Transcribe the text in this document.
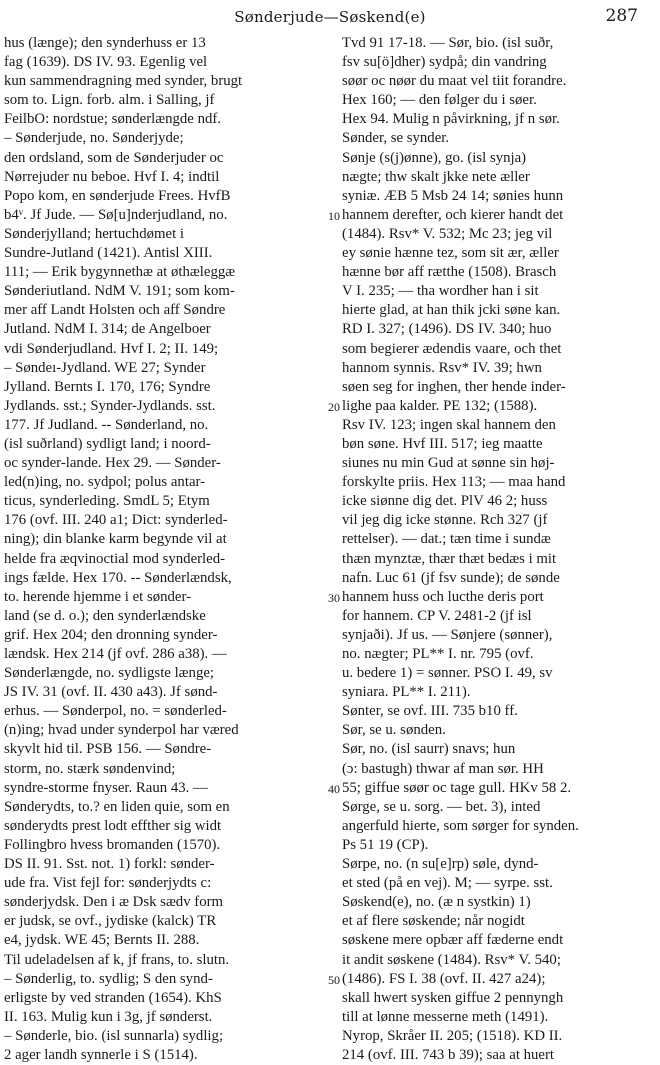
Sønderjude—Søskend(e)	287
hus (længe); den synderhuss er 13
fag (1639). DS IV. 93. Egenlig vel
kun sammendragning med synder, brugt
som to. Lign. forb. alm. i Salling, jf
FeilbO: nordstue; sønderlængde ndf.
– Sønderjude, no. Sønderjyde;
den ordsland, som de Sønderjuder oc
Nørrejuder nu beboe. Hvf I. 4; indtil
Popo kom, en sønderjude Frees. HvfB
b4ᵛ. Jf Jude. — Sø[u]nderjudland, no.
Sønderjylland; hertuchdømet i
Sundre-Jutland (1421). Antisl XIII.
111; — Erik bygynnethæ at øthæleggæ
Sønderiutland. NdM V. 191; som kom-
mer aff Landt Holsten och aff Søndre
Jutland. NdM I. 314; de Angelboer
vdi Sønderjudland. Hvf I. 2; II. 149;
– Søndeı-Jydland. WE 27; Synder
Jylland. Bernts I. 170, 176; Syndre
Jydlands. sst.; Synder-Jydlands. sst.
177. Jf Judland. -- Sønderland, no.
(isl suðrland) sydligt land; i noord-
oc synder-lande. Hex 29. — Sønder-
led(n)ing, no. sydpol; polus antar-
ticus, synderleding. SmdL 5; Etym
176 (ovf. III. 240 a1; Dict: synderled-
ning); din blanke karm begynde vil at
helde fra æqvinoctial mod synderled-
ings fælde. Hex 170. -- Sønderlændsk,
to. herende hjemme i et sønder-
land (se d. o.); den synderlændske
grif. Hex 204; den dronning synder-
lændsk. Hex 214 (jf ovf. 286 a38). —
Sønderlængde, no. sydligste længe;
JS IV. 31 (ovf. II. 430 a43). Jf sønd-
erhus. — Sønderpol, no. = sønderled-
(n)ing; hvad under synderpol har væred
skyvlt hid til. PSB 156. — Søndre-
storm, no. stærk søndenvind;
syndre-storme fnyser. Raun 43. —
Sønderydts, to.? en liden quie, som en
sønderydts prest lodt effther sig widt
Follingbro hvess bromanden (1570).
DS II. 91. Sst. not. 1) forkl: sønder-
ude fra. Vist fejl for: sønderjydts c:
sønderjydsk. Den i æ Dsk sædv form
er judsk, se ovf., jydiske (kalck) TR
e4, jydsk. WE 45; Bernts II. 288.
Til udeladelsen af k, jf frans, to. slutn.
– Sønderlig, to. sydlig; S den synd-
erligste by ved stranden (1654). KhS
II. 163. Mulig kun i 3g, jf sønderst.
– Sønderle, bio. (isl sunnarla) sydlig;
2 ager landh synnerle i S (1514).
10
20
30
40
50
Tvd 91 17-18. — Sør, bio. (isl suðr,
fsv su[ö]dher) sydpå; din vandring
søør oc nøør du maat vel tiit forandre.
Hex 160; — den følger du i søer.
Hex 94. Mulig n påvirkning, jf n sør.
Sønder, se synder.
Sønje (s(j)ønne), go. (isl synja)
nægte; thw skalt jkke nete æller
syniæ. ÆB 5 Msb 24 14; sønies hunn
hannem derefter, och kierer handt det
(1484). Rsv* V. 532; Mc 23; jeg vil
ey sønie hænne tez, som sit ær, æller
hænne bør aff rætthe (1508). Brasch
V I. 235; — tha wordher han i sit
hierte glad, at han thik jcki søne kan.
RD I. 327; (1496). DS IV. 340; huo
som begierer ædendis vaare, och thet
hannom synnis. Rsv* IV. 39; hwn
søen seg for inghen, ther hende inder-
lighe paa kalder. PE 132; (1588).
Rsv IV. 123; ingen skal hannem den
bøn søne. Hvf III. 517; ieg maatte
siunes nu min Gud at sønne sin høj-
forskylte priis. Hex 113; — maa hand
icke siønne dig det. PlV 46 2; huss
vil jeg dig icke stønne. Rch 327 (jf
rettelser). — dat.; tæn time i sundæ
thæn mynztæ, thær thæt bedæs i mit
nafn. Luc 61 (jf fsv sunde); de sønde
hannem huss och lucthe deris port
for hannem. CP V. 2481-2 (jf isl
synjaði). Jf us. — Sønjere (sønner),
no. nægter; PL** I. nr. 795 (ovf.
u. bedere 1) = sønner. PSO I. 49, sv
syniara. PL** I. 211).
Sønter, se ovf. III. 735 b10 ff.
Sør, se u. sønden.
Sør, no. (isl saurr) snavs; hun
(ɔ: bastugh) thwar af man sør. HH
55; giffue søør oc tage gull. HKv 58 2.
Sørge, se u. sorg. — bet. 3), inted
angerfuld hierte, som sørger for synden.
Ps 51 19 (CP).
Sørpe, no. (n su[e]rp) søle, dynd-
et sted (på en vej). M; — syrpe. sst.
Søskend(e), no. (æ n systkin) 1)
et af flere søskende; når nogidt
søskene mere opbær aff fæderne endt
it andit søskene (1484). Rsv* V. 540;
(1486). FS I. 38 (ovf. II. 427 a24);
skall hwert sysken giffue 2 pennyngh
till at lønne messerne meth (1491).
Nyrop, Skråer II. 205; (1518). KD II.
214 (ovf. III. 743 b 39); saa at huert
